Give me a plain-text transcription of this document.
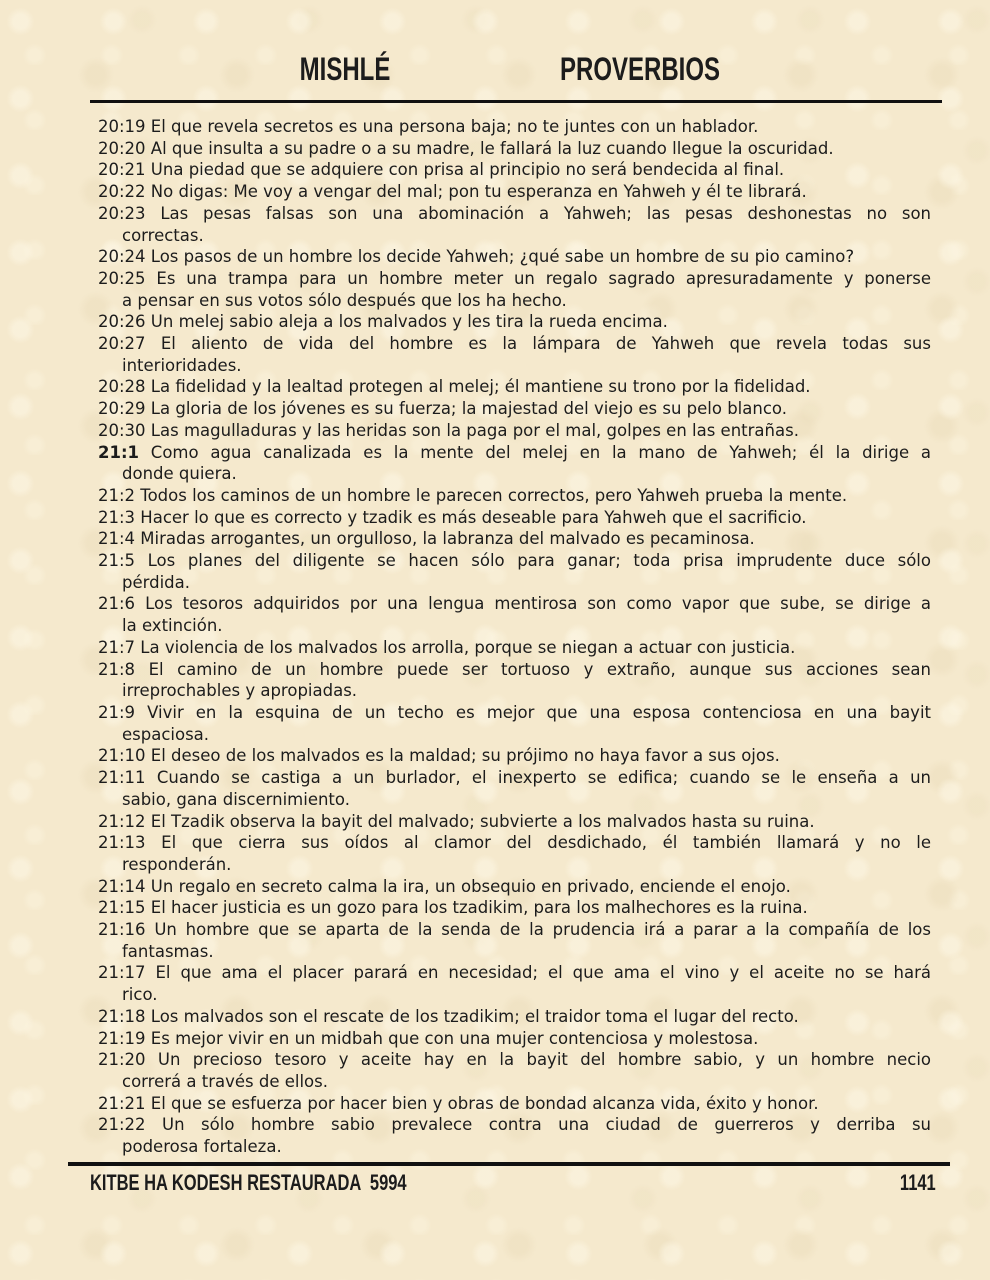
MISHLÉ	PROVERBIOS
20:19 El que revela secretos es una persona baja; no te juntes con un hablador.
20:20 Al que insulta a su padre o a su madre, le fallará la luz cuando llegue la oscuridad.
20:21 Una piedad que se adquiere con prisa al principio no será bendecida al final.
20:22 No digas: Me voy a vengar del mal; pon tu esperanza en Yahweh y él te librará.
20:23 Las pesas falsas son una abominación a Yahweh; las pesas deshonestas no son
correctas.
20:24 Los pasos de un hombre los decide Yahweh; ¿qué sabe un hombre de su pio camino?
20:25 Es una trampa para un hombre meter un regalo sagrado apresuradamente y ponerse
a pensar en sus votos sólo después que los ha hecho.
20:26 Un melej sabio aleja a los malvados y les tira la rueda encima.
20:27 El aliento de vida del hombre es la lámpara de Yahweh que revela todas sus
interioridades.
20:28 La fidelidad y la lealtad protegen al melej; él mantiene su trono por la fidelidad.
20:29 La gloria de los jóvenes es su fuerza; la majestad del viejo es su pelo blanco.
20:30 Las magulladuras y las heridas son la paga por el mal, golpes en las entrañas.
21:1 Como agua canalizada es la mente del melej en la mano de Yahweh; él la dirige a
donde quiera.
21:2 Todos los caminos de un hombre le parecen correctos, pero Yahweh prueba la mente.
21:3 Hacer lo que es correcto y tzadik es más deseable para Yahweh que el sacrificio.
21:4 Miradas arrogantes, un orgulloso, la labranza del malvado es pecaminosa.
21:5 Los planes del diligente se hacen sólo para ganar; toda prisa imprudente duce sólo
pérdida.
21:6 Los tesoros adquiridos por una lengua mentirosa son como vapor que sube, se dirige a
la extinción.
21:7 La violencia de los malvados los arrolla, porque se niegan a actuar con justicia.
21:8 El camino de un hombre puede ser tortuoso y extraño, aunque sus acciones sean
irreprochables y apropiadas.
21:9 Vivir en la esquina de un techo es mejor que una esposa contenciosa en una bayit
espaciosa.
21:10 El deseo de los malvados es la maldad; su prójimo no haya favor a sus ojos.
21:11 Cuando se castiga a un burlador, el inexperto se edifica; cuando se le enseña a un
sabio, gana discernimiento.
21:12 El Tzadik observa la bayit del malvado; subvierte a los malvados hasta su ruina.
21:13 El que cierra sus oídos al clamor del desdichado, él también llamará y no le
responderán.
21:14 Un regalo en secreto calma la ira, un obsequio en privado, enciende el enojo.
21:15 El hacer justicia es un gozo para los tzadikim, para los malhechores es la ruina.
21:16 Un hombre que se aparta de la senda de la prudencia irá a parar a la compañía de los
fantasmas.
21:17 El que ama el placer parará en necesidad; el que ama el vino y el aceite no se hará
rico.
21:18 Los malvados son el rescate de los tzadikim; el traidor toma el lugar del recto.
21:19 Es mejor vivir en un midbah que con una mujer contenciosa y molestosa.
21:20 Un precioso tesoro y aceite hay en la bayit del hombre sabio, y un hombre necio
correrá a través de ellos.
21:21 El que se esfuerza por hacer bien y obras de bondad alcanza vida, éxito y honor.
21:22 Un sólo hombre sabio prevalece contra una ciudad de guerreros y derriba su
poderosa fortaleza.
KITBE HA KODESH RESTAURADA  5994	1141
